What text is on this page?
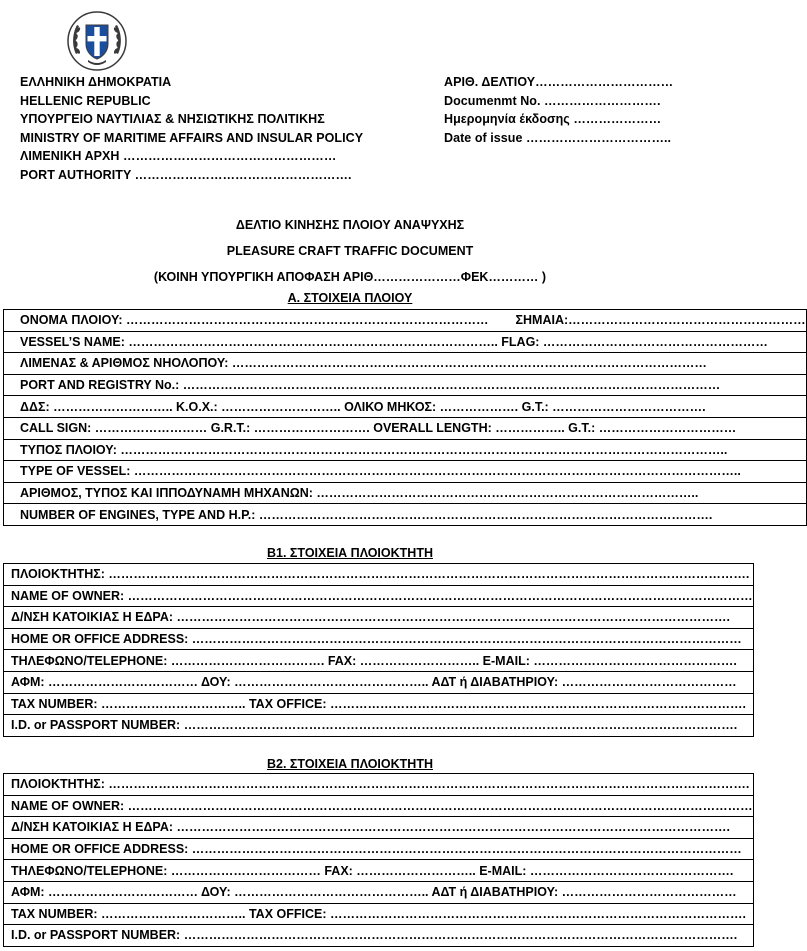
ΕΛΛΗΝΙΚΗ ΔΗΜΟΚΡΑΤΙΑ
HELLENIC REPUBLIC
ΥΠΟΥΡΓΕΙΟ ΝΑΥΤΙΛΙΑΣ & ΝΗΣΙΩΤΙΚΗΣ ΠΟΛΙΤΙΚΗΣ
MINISTRY OF MARITIME AFFAIRS AND INSULAR POLICY
ΛΙΜΕΝΙΚΗ ΑΡΧΗ ……………………………………………
PORT AUTHORITY …………………………………………….
ΑΡΙΘ. ΔΕΛΤΙΟΥ……………………………
Documenmt No. ……………………….
Ημερομηνία έκδοσης …………………
Date of issue ……………………………..
ΔΕΛΤΙΟ ΚΙΝΗΣΗΣ ΠΛΟΙΟΥ ΑΝΑΨΥΧΗΣ
PLEASURE CRAFT TRAFFIC DOCUMENT
(ΚΟΙΝΗ ΥΠΟΥΡΓΙΚΗ ΑΠΟΦΑΣΗ ΑΡΙΘ…………………ΦΕΚ………… )
Α. ΣΤΟΙΧΕΙΑ ΠΛΟΙΟΥ
ΟΝΟΜΑ ΠΛΟΙΟΥ: …………………………………………………………………………… ΣΗΜΑΙΑ:…………………………………………………
VESSEL’S NAME: …………………………………………………………………………….. FLAG: ………………………………………………
ΛΙΜΕΝΑΣ & ΑΡΙΘΜΟΣ ΝΗΟΛΟΠΟΥ: ……………………………………………………………………………………………………
PORT AND REGISTRY No.: …………………………………………………………………………………………………………………
ΔΔΣ: ……………………….. Κ.Ο.Χ.: ……………………….. ΟΛΙΚΟ ΜΗΚΟΣ: ………………. G.T.: ……………………………….
CALL SIGN: ……………………… G.R.T.: ………………………. OVERALL LENGTH: …………….. G.T.: ……………………………
ΤΥΠΟΣ ΠΛΟΙΟΥ: ………………………………………………………………………………………………………………………………..
TYPE OF VESSEL: ………………………………………………………………………………………………………………………………..
ΑΡΙΘΜΟΣ, ΤΥΠΟΣ ΚΑΙ ΙΠΠΟΔΥΝΑΜΗ ΜΗΧΑΝΩΝ: ………………………………………………………………………………..
NUMBER OF ENGINES, TYPE AND H.P.: ……………………………………………………………………………………………….
Β1. ΣΤΟΙΧΕΙΑ ΠΛΟΙΟΚΤΗΤΗ
ΠΛΟΙΟΚΤΗΤΗΣ: ……………………………………………………………………………………………………………………………………….
NAME OF OWNER: ……………………………………………………………………………………………………………………………………
Δ/ΝΣΗ ΚΑΤΟΙΚΙΑΣ Η ΕΔΡΑ: …………………………………………………………………………………………………………………….
HOME OR OFFICE ADDRESS: ……………………………………………………………………………………………………………………
ΤΗΛΕΦΩΝΟ/TELEPHONE: ………………………………. FAX: ……………………….. E-MAIL: ………………………………………….
ΑΦΜ: ……………………………… ΔΟΥ: ……………………………………….. ΑΔΤ ή ΔΙΑΒΑΤΗΡΙΟΥ: ……………………………………
TAX NUMBER: …………………………….. TAX OFFICE: ……………………………………………………………………………………….
I.D. or PASSPORT NUMBER: …………………………………………………………………………………………………………………….
Β2. ΣΤΟΙΧΕΙΑ ΠΛΟΙΟΚΤΗΤΗ
ΠΛΟΙΟΚΤΗΤΗΣ: ……………………………………………………………………………………………………………………………………….
NAME OF OWNER: ……………………………………………………………………………………………………………………………………
Δ/ΝΣΗ ΚΑΤΟΙΚΙΑΣ Η ΕΔΡΑ: …………………………………………………………………………………………………………………….
HOME OR OFFICE ADDRESS: ……………………………………………………………………………………………………………………
ΤΗΛΕΦΩΝΟ/TELEPHONE: ……………………………… FAX: ……………………….. E-MAIL: ………………………………………….
ΑΦΜ: ……………………………… ΔΟΥ: ……………………………………….. ΑΔΤ ή ΔΙΑΒΑΤΗΡΙΟΥ: ……………………………………
TAX NUMBER: …………………………….. TAX OFFICE: ……………………………………………………………………………………….
I.D. or PASSPORT NUMBER: …………………………………………………………………………………………………………………….
